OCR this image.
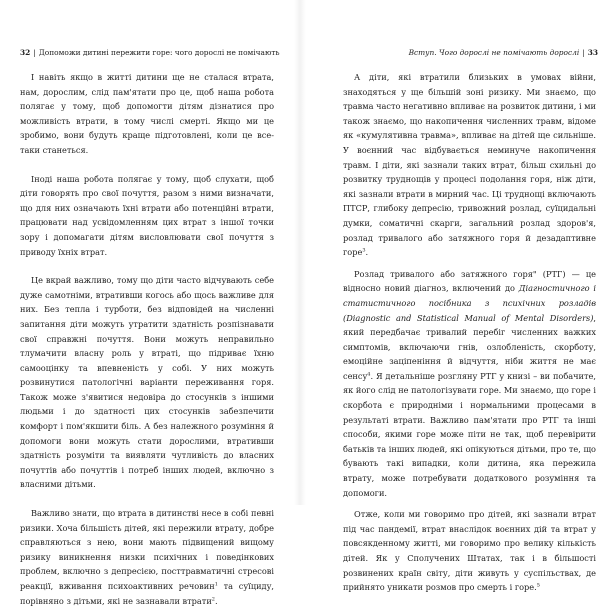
32 | Допоможи дитині пережити горе: чого дорослі не помічають

І навіть якщо в житті дитини ще не сталася втрата, нам, дорослим, слід пам'ятати про це, щоб наша робота полягає у тому, щоб допомогти дітям дізнатися про можливість втрати, в тому числі смерті. Якщо ми це зробимо, вони будуть краще підготовлені, коли це все-таки станеться.

Іноді наша робота полягає у тому, щоб слухати, щоб діти говорять про свої почуття, разом з ними визначати, що для них означають їхні втрати або потенційні втрати, працювати над усвідомленням цих втрат з іншої точки зору і допомагати дітям висловлювати свої почуття з приводу їхніх втрат.

Це вкрай важливо, тому що діти часто відчувають себе дуже самотніми, втративши когось або щось важливе для них. Без тепла і турботи, без відповідей на численні запитання діти можуть утратити здатність розпізнавати свої справжні почуття. Вони можуть неправильно тлумачити власну роль у втраті, що підриває їхню самооцінку та впевненість у собі. У них можуть розвинутися патологічні варіанти переживання горя. Також може з'явитися недовіра до стосунків з іншими людьми і до здатності цих стосунків забезпечити комфорт і пом'якшити біль. А без належного розуміння й допомоги вони можуть стати дорослими, втративши здатність розуміти та виявляти чутливість до власних почуттів або почуттів і потреб інших людей, включно з власними дітьми.

Важливо знати, що втрата в дитинстві несе в собі певні ризики. Хоча більшість дітей, які пережили втрату, добре справляються з нею, вони мають підвищений вищому ризику виникнення низки психічних і поведінкових проблем, включно з депресією, посттравматичні стресові реакції, вживання психоактивних речовин$^1$ та суїциду, порівняно з дітьми, які не зазнавали втрати$^2$.

Вступ. Чого дорослі не помічають дорослі | 33

А діти, які втратили близьких в умовах війни, знаходяться у ще більшій зоні ризику. Ми знаємо, що травма часто негативно впливає на розвиток дитини, і ми також знаємо, що накопичення численних травм, відоме як «кумулятивна травма», впливає на дітей ще сильніше. У воєнний час відбувається неминуче накопичення травм. І діти, які зазнали таких втрат, більш схильні до розвитку труднощів у процесі подолання горя, ніж діти, які зазнали втрати в мирний час. Ці труднощі включають ПТСР, глибоку депресію, тривожний розлад, суїцидальні думки, соматичні скарги, загальний розлад здоров'я, розлад тривалого або затяжного горя й дезадаптивне горе$^3$.

Розлад тривалого або затяжного горя" (РТГ) — це відносно новий діагноз, включений до Діагностичного і статистичного посібника з психічних розладів (Diagnostic and Statistical Manual of Mental Disorders), який передбачає тривалий перебіг численних важких симптомів, включаючи гнів, озлобленість, скорботу, емоційне заціпеніння й відчуття, ніби життя не має сенсу$^4$. Я детальніше розгляну РТГ у книзі – ви побачите, як його слід не патологізувати горе. Ми знаємо, що горе і скорбота є природніми і нормальними процесами в результаті втрати. Важливо пам'ятати про РТГ та інші способи, якими горе може піти не так, щоб перевірити батьків та інших людей, які опікуються дітьми, про те, що бувають такі випадки, коли дитина, яка пережила втрату, може потребувати додаткового розуміння та допомоги.

Отже, коли ми говоримо про дітей, які зазнали втрат під час пандемії, втрат внаслідок воєнних дій та втрат у повсякденному житті, ми говоримо про велику кількість дітей. Як у Сполучених Штатах, так і в більшості розвинених країн світу, діти живуть у суспільствах, де прийнято уникати розмов про смерть і горе.$^5$
